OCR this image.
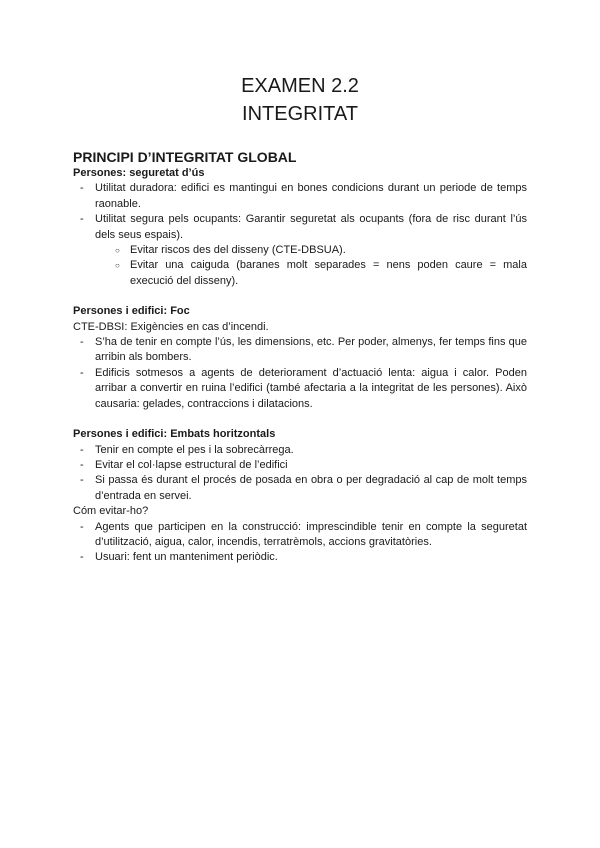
EXAMEN 2.2
INTEGRITAT

PRINCIPI D’INTEGRITAT GLOBAL

Persones: seguretat d’ús

- Utilitat duradora: edifici es mantingui en bones condicions durant un periode de temps raonable.
- Utilitat segura pels ocupants: Garantir seguretat als ocupants (fora de risc durant l’ús dels seus espais).
○ Evitar riscos des del disseny (CTE-DBSUA).
○ Evitar una caiguda (baranes molt separades = nens poden caure = mala execució del disseny).

Persones i edifici: Foc

CTE-DBSI: Exigències en cas d’incendi.

- S’ha de tenir en compte l’ús, les dimensions, etc. Per poder, almenys, fer temps fins que arribin als bombers.
- Edificis sotmesos a agents de deteriorament d’actuació lenta: aigua i calor. Poden arribar a convertir en ruina l’edifici (també afectaria a la integritat de les persones). Això causaria: gelades, contraccions i dilatacions.

Persones i edifici: Embats horitzontals

- Tenir en compte el pes i la sobrecàrrega.
- Evitar el col·lapse estructural de l’edifici
- Si passa és durant el procés de posada en obra o per degradació al cap de molt temps d’entrada en servei.

Cóm evitar-ho?

- Agents que participen en la construcció: imprescindible tenir en compte la seguretat d’utilització, aigua, calor, incendis, terratrèmols, accions gravitatòries.
- Usuari: fent un manteniment periòdic.
